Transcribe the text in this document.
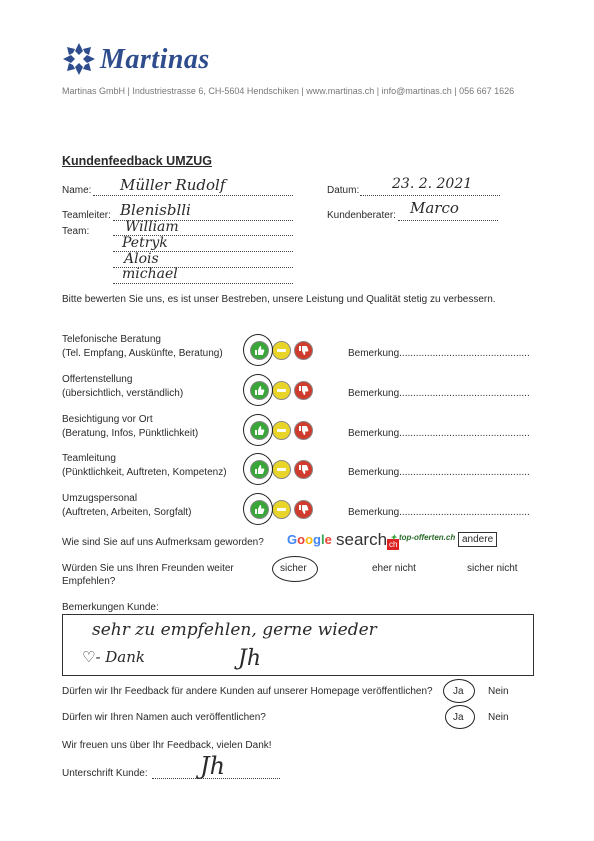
Martinas
Martinas GmbH | Industriestrasse 6, CH-5604 Hendschiken | www.martinas.ch | info@martinas.ch | 056 667 1626
Kundenfeedback UMZUG
Name: Müller Rudolf	Datum: 23. 2. 2021
Teamleiter: Blenisblli	Kundenberater: Marco
Team:	William
Petryk
Alois
michael
Bitte bewerten Sie uns, es ist unser Bestreben, unsere Leistung und Qualität stetig zu verbessern.
Telefonische Beratung
(Tel. Empfang, Auskünfte, Beratung)	Bemerkung...............................................
Offertenstellung
(übersichtlich, verständlich)	Bemerkung...............................................
Besichtigung vor Ort
(Beratung, Infos, Pünktlichkeit)	Bemerkung...............................................
Teamleitung
(Pünktlichkeit, Auftreten, Kompetenz)	Bemerkung...............................................
Umzugspersonal
(Auftreten, Arbeiten, Sorgfalt)	Bemerkung...............................................
Wie sind Sie auf uns Aufmerksam geworden? Google search ch
✦ top-offerten.ch andere
Würden Sie uns Ihren Freunden weiter
Empfehlen?
sicher	eher nicht	sicher nicht
Bemerkungen Kunde:
sehr zu empfehlen, gerne wieder
♡- Dank	Jh
Dürfen wir Ihr Feedback für andere Kunden auf unserer Homepage veröffentlichen? Ja Nein
Dürfen wir Ihren Namen auch veröffentlichen?	Ja Nein
Wir freuen uns über Ihr Feedback, vielen Dank!
Unterschrift Kunde: Jh
